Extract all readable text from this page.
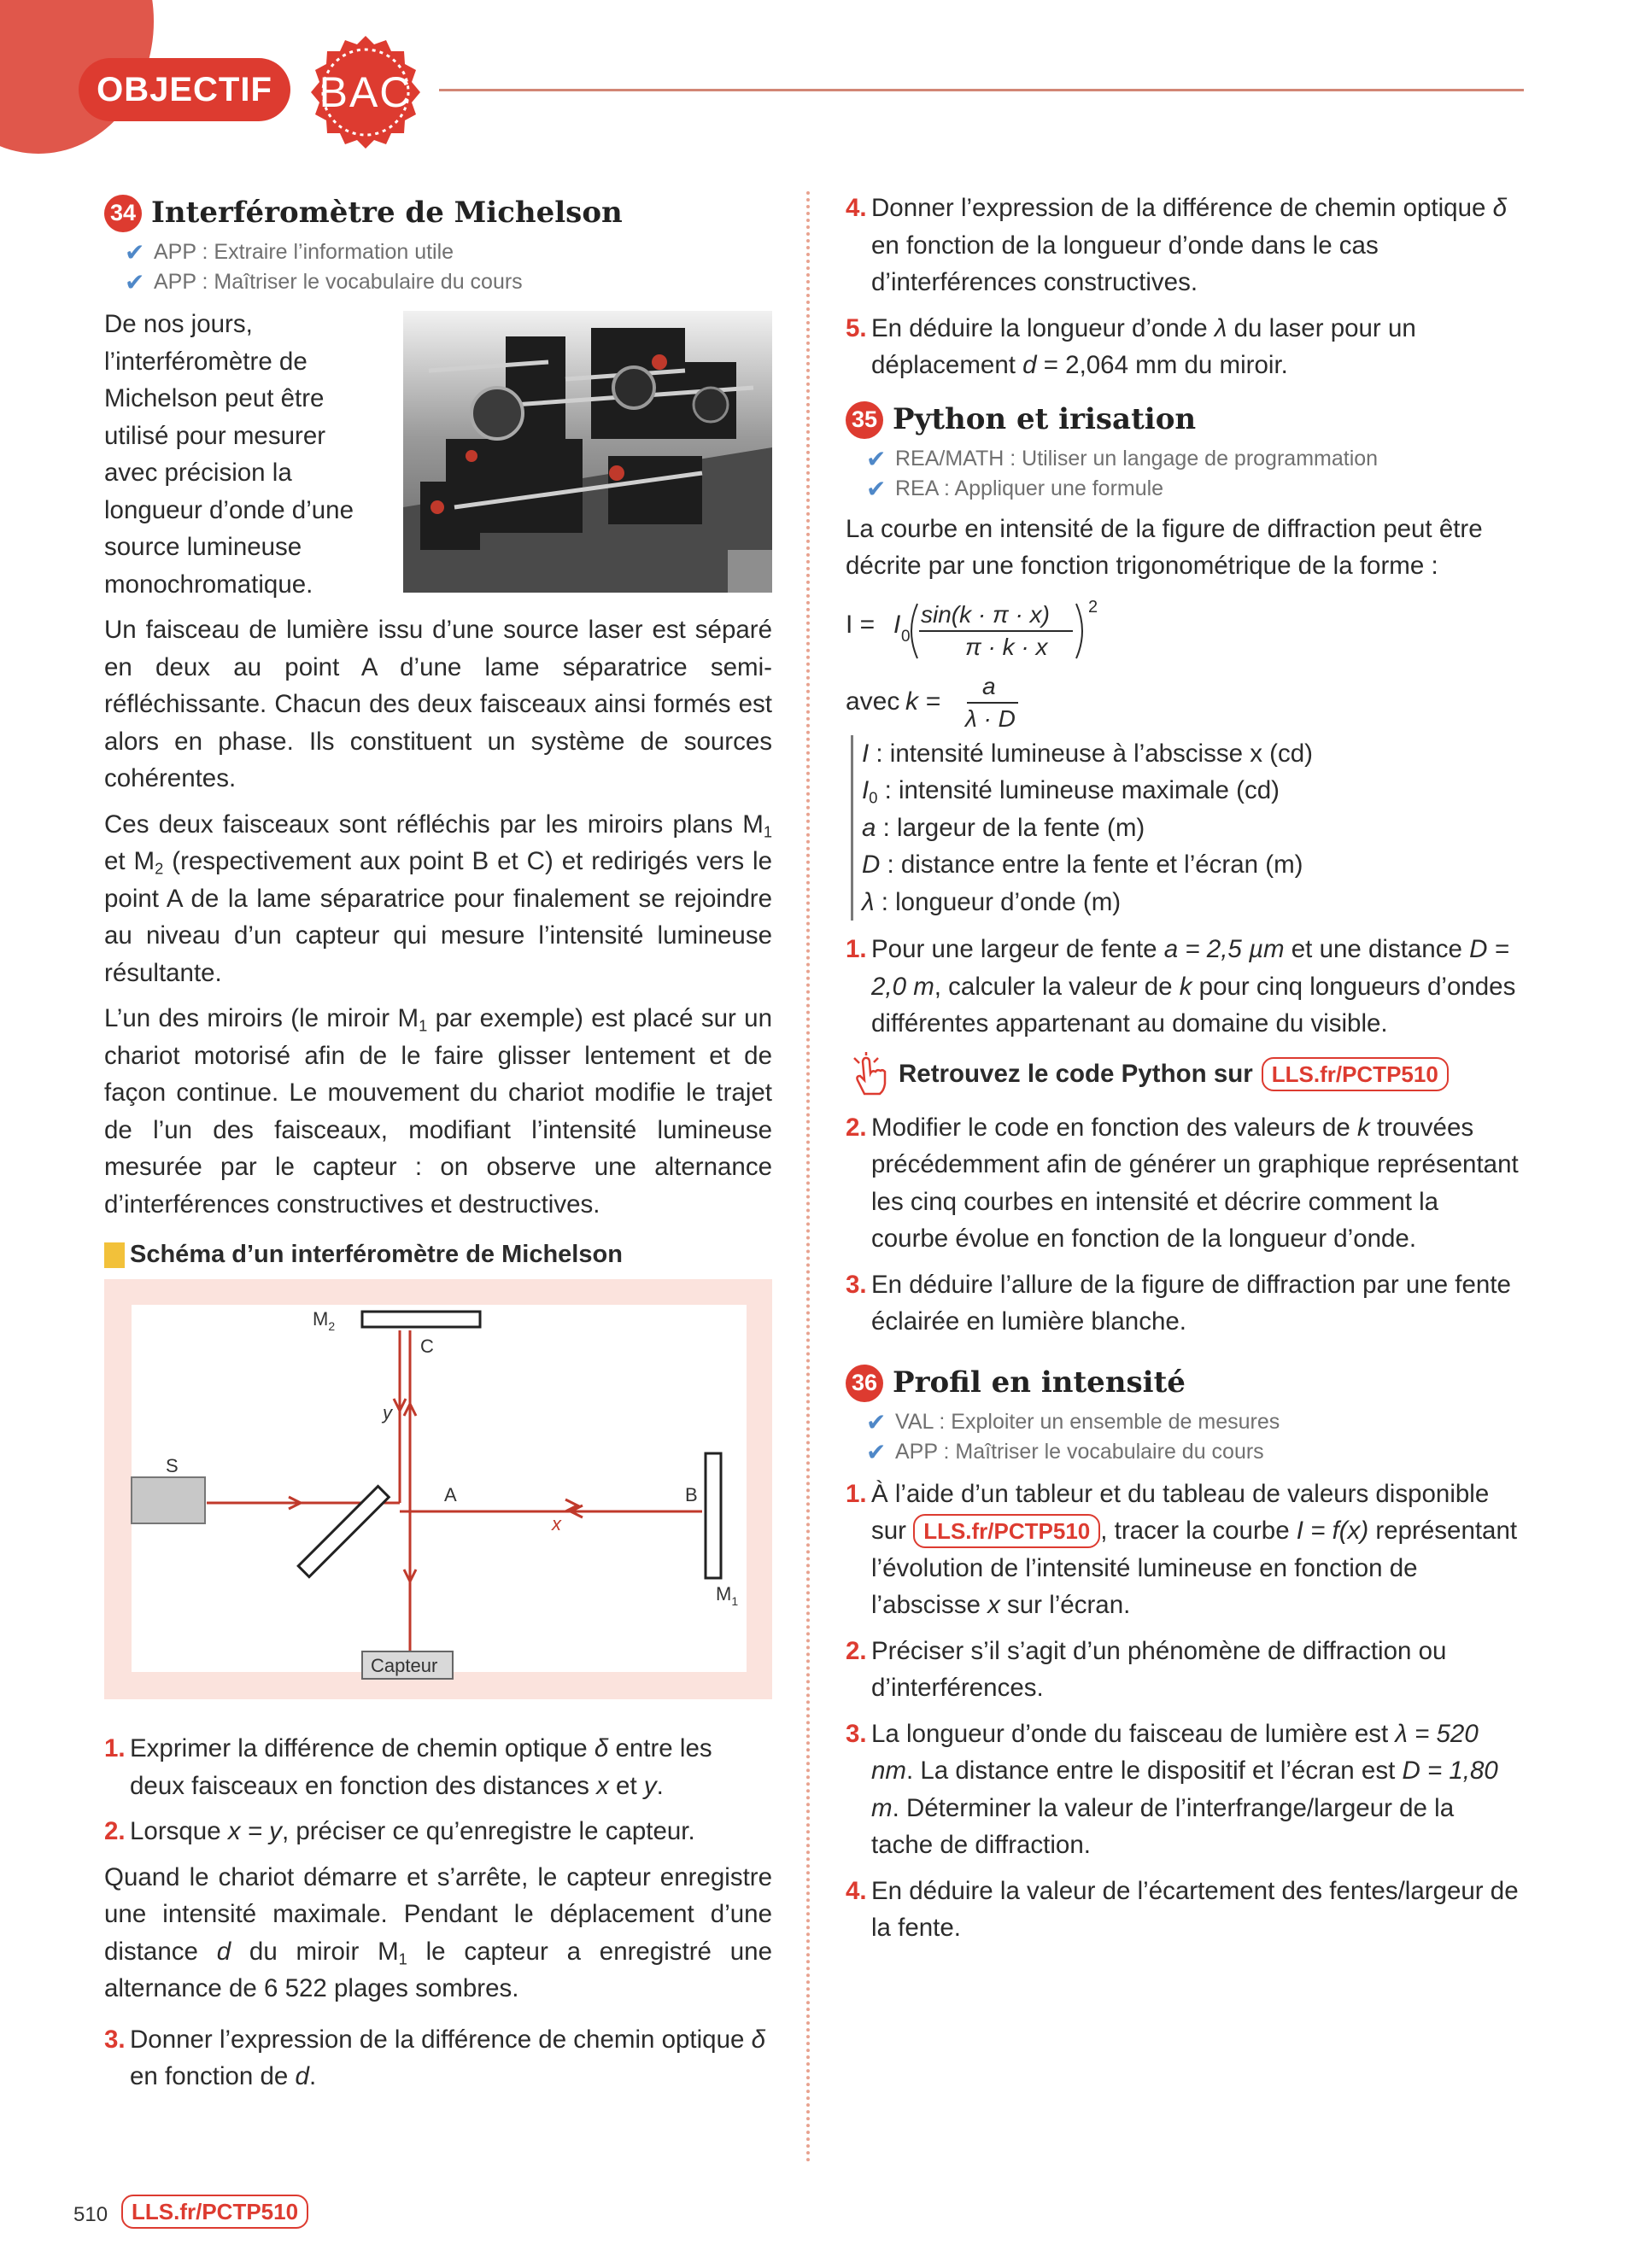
OBJECTIF BAC
34 Interféromètre de Michelson
✔ APP : Extraire l’information utile
✔ APP : Maîtriser le vocabulaire du cours

De nos jours, l’interféromètre de Michelson peut être utilisé pour mesurer avec précision la longueur d’onde d’une source lumineuse monochromatique.

Un faisceau de lumière issu d’une source laser est séparé en deux au point A d’une lame séparatrice semi-réfléchissante. Chacun des deux faisceaux ainsi formés est alors en phase. Ils constituent un système de sources cohérentes.

Ces deux faisceaux sont réfléchis par les miroirs plans $M_1$ et $M_2$ (respectivement aux point B et C) et redirigés vers le point A de la lame séparatrice pour finalement se rejoindre au niveau d’un capteur qui mesure l’intensité lumineuse résultante.

L’un des miroirs (le miroir $M_1$ par exemple) est placé sur un chariot motorisé afin de le faire glisser lentement et de façon continue. Le mouvement du chariot modifie le trajet de l’un des faisceaux, modifiant l’intensité lumineuse mesurée par le capteur : on observe une alternance d’interférences constructives et destructives.

Schéma d’un interféromètre de Michelson
$M_2$
C
y
S
A	B
x
$M_1$
Capteur
1. Exprimer la différence de chemin optique δ entre les deux faisceaux en fonction des distances x et y.
2. Lorsque x = y, préciser ce qu’enregistre le capteur.

Quand le chariot démarre et s’arrête, le capteur enregistre une intensité maximale. Pendant le déplacement d’une distance d du miroir $M_1$ le capteur a enregistré une alternance de 6 522 plages sombres.

3. Donner l’expression de la différence de chemin optique δ en fonction de d.
4. Donner l’expression de la différence de chemin optique δ en fonction de la longueur d’onde dans le cas d’interférences constructives.
5. En déduire la longueur d’onde λ du laser pour un déplacement d = 2,064 mm du miroir.
35 Python et irisation
✔ REA/MATH : Utiliser un langage de programmation
✔ REA : Appliquer une formule

La courbe en intensité de la figure de diffraction peut être décrite par une fonction trigonométrique de la forme :

I = I 0
sin(k · π · x)
π · k · x
2
avec k =
a
λ · D
I : intensité lumineuse à l’abscisse x (cd)
$I_0$ : intensité lumineuse maximale (cd)
a : largeur de la fente (m)
D : distance entre la fente et l’écran (m)
λ : longueur d’onde (m)
1. Pour une largeur de fente a = 2,5 µm et une distance D = 2,0 m, calculer la valeur de k pour cinq longueurs d’ondes différentes appartenant au domaine du visible.
Retrouvez le code Python sur LLS.fr/PCTP510
2. Modifier le code en fonction des valeurs de k trouvées précédemment afin de générer un graphique représentant les cinq courbes en intensité et décrire comment la courbe évolue en fonction de la longueur d’onde.
3. En déduire l’allure de la figure de diffraction par une fente éclairée en lumière blanche.
36 Profil en intensité
✔ VAL : Exploiter un ensemble de mesures
✔ APP : Maîtriser le vocabulaire du cours
1. À l’aide d’un tableur et du tableau de valeurs disponible sur LLS.fr/PCTP510 , tracer la courbe I = f(x) représentant l’évolution de l’intensité lumineuse en fonction de l’abscisse x sur l’écran.
2. Préciser s’il s’agit d’un phénomène de diffraction ou d’interférences.
3. La longueur d’onde du faisceau de lumière est λ = 520 nm. La distance entre le dispositif et l’écran est D = 1,80 m. Déterminer la valeur de l’interfrange/largeur de la tache de diffraction.
4. En déduire la valeur de l’écartement des fentes/largeur de la fente.
510	LLS.fr/PCTP510
